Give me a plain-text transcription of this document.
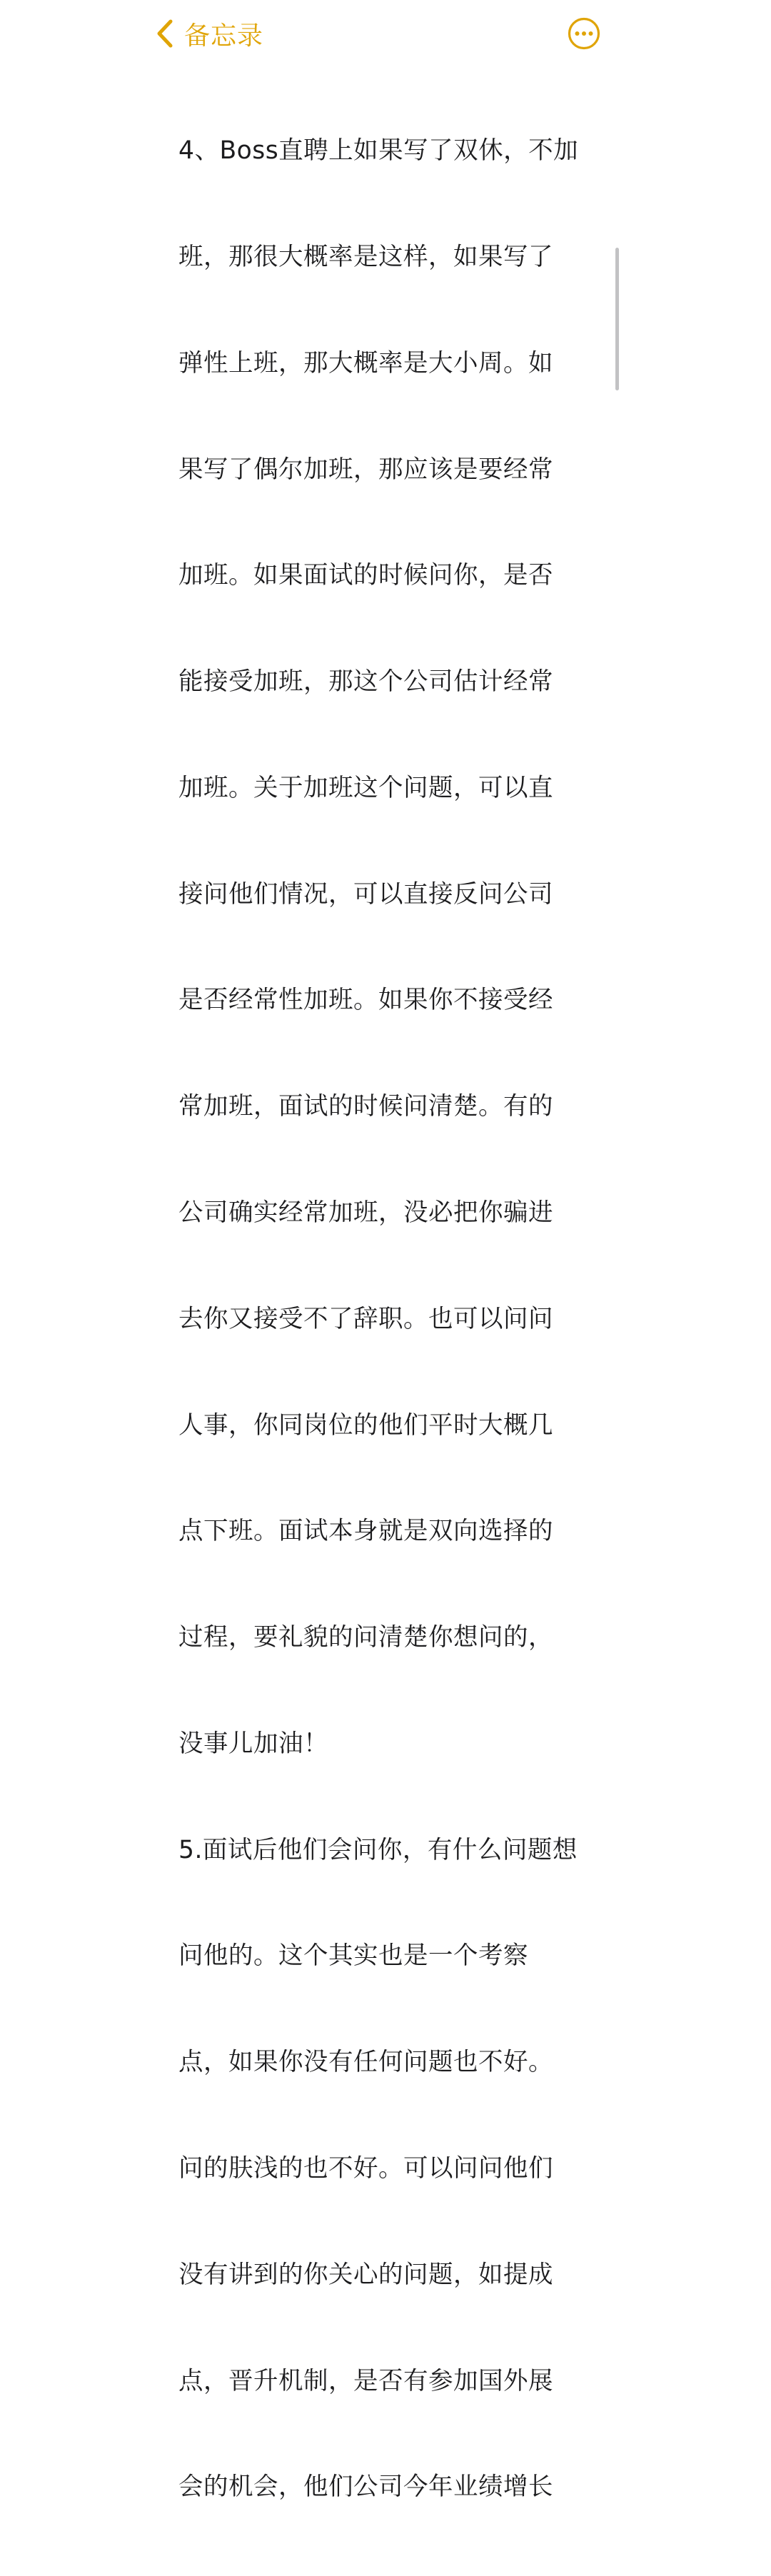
备忘录

4、Boss直聘上如果写了双休，不加

班，那很大概率是这样，如果写了

弹性上班，那大概率是大小周。如

果写了偶尔加班，那应该是要经常

加班。如果面试的时候问你，是否

能接受加班，那这个公司估计经常

加班。关于加班这个问题，可以直

接问他们情况，可以直接反问公司

是否经常性加班。如果你不接受经

常加班，面试的时候问清楚。有的

公司确实经常加班，没必把你骗进

去你又接受不了辞职。也可以问问

人事，你同岗位的他们平时大概几

点下班。面试本身就是双向选择的

过程，要礼貌的问清楚你想问的，

没事儿加油！

5.面试后他们会问你，有什么问题想

问他的。这个其实也是一个考察

点，如果你没有任何问题也不好。

问的肤浅的也不好。可以问问他们

没有讲到的你关心的问题，如提成

点，晋升机制，是否有参加国外展

会的机会，他们公司今年业绩增长
